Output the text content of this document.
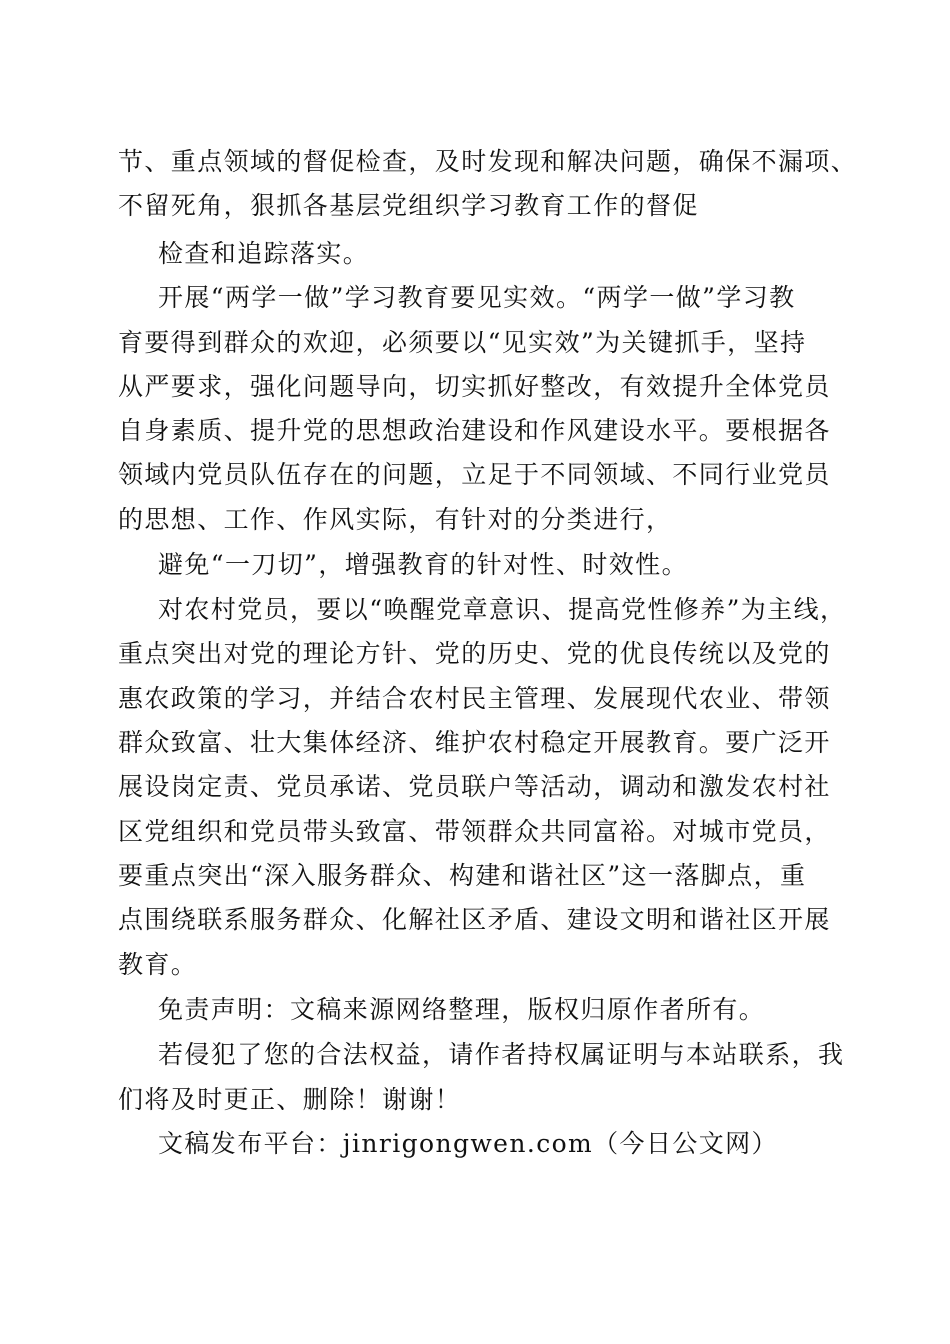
节、重点领域的督促检查，及时发现和解决问题，确保不漏项、
不留死角，狠抓各基层党组织学习教育工作的督促
检查和追踪落实。
开展“两学一做”学习教育要见实效。“两学一做”学习教
育要得到群众的欢迎，必须要以“见实效”为关键抓手，坚持
从严要求，强化问题导向，切实抓好整改，有效提升全体党员
自身素质、提升党的思想政治建设和作风建设水平。要根据各
领域内党员队伍存在的问题，立足于不同领域、不同行业党员
的思想、工作、作风实际，有针对的分类进行，
避免“一刀切”，增强教育的针对性、时效性。
对农村党员，要以“唤醒党章意识、提高党性修养”为主线，
重点突出对党的理论方针、党的历史、党的优良传统以及党的
惠农政策的学习，并结合农村民主管理、发展现代农业、带领
群众致富、壮大集体经济、维护农村稳定开展教育。要广泛开
展设岗定责、党员承诺、党员联户等活动，调动和激发农村社
区党组织和党员带头致富、带领群众共同富裕。对城市党员，
要重点突出“深入服务群众、构建和谐社区”这一落脚点，重
点围绕联系服务群众、化解社区矛盾、建设文明和谐社区开展
教育。
免责声明：文稿来源网络整理，版权归原作者所有。
若侵犯了您的合法权益，请作者持权属证明与本站联系，我
们将及时更正、删除！谢谢！
文稿发布平台：jinrigongwen.com（今日公文网）
